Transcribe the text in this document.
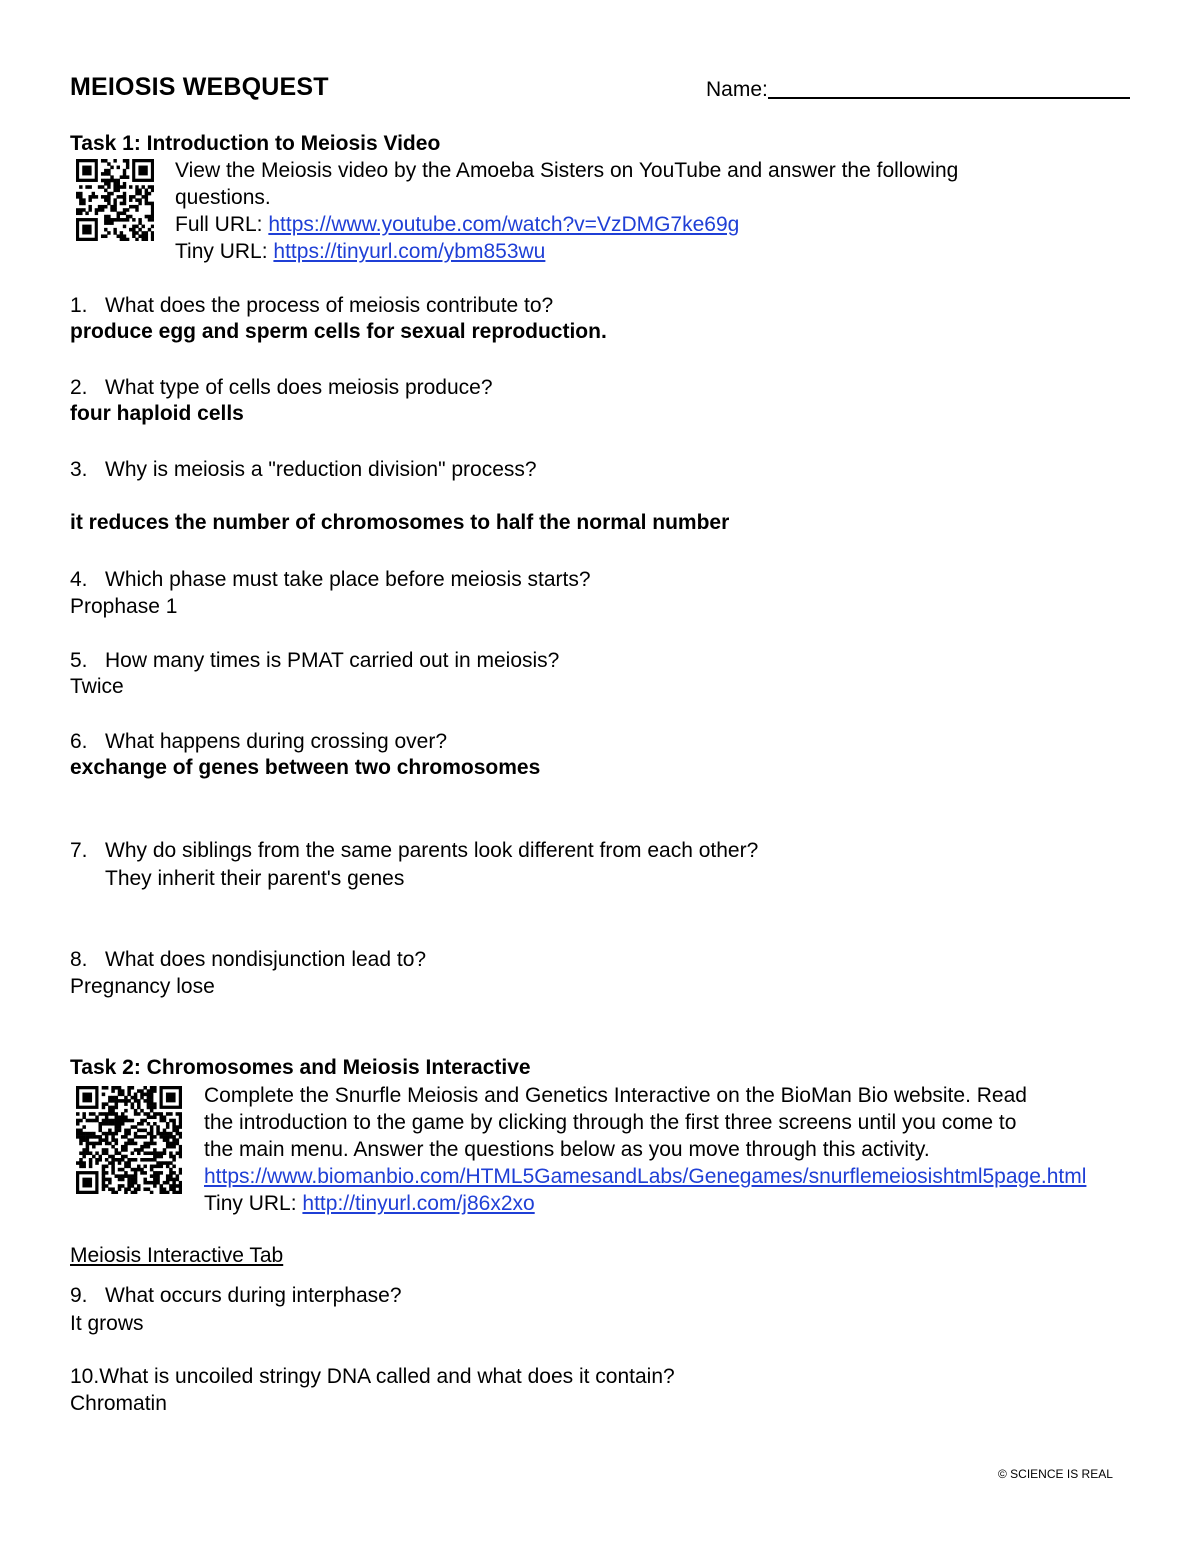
MEIOSIS WEBQUEST	Name:
Task 1: Introduction to Meiosis Video
View the Meiosis video by the Amoeba Sisters on YouTube and answer the following
questions.
Full URL: https://www.youtube.com/watch?v=VzDMG7ke69g
Tiny URL: https://tinyurl.com/ybm853wu
1. What does the process of meiosis contribute to?
produce egg and sperm cells for sexual reproduction.
2. What type of cells does meiosis produce?
four haploid cells
3. Why is meiosis a "reduction division" process?
it reduces the number of chromosomes to half the normal number
4. Which phase must take place before meiosis starts?
Prophase 1
5. How many times is PMAT carried out in meiosis?
Twice
6. What happens during crossing over?
exchange of genes between two chromosomes
7. Why do siblings from the same parents look different from each other?
They inherit their parent's genes
8. What does nondisjunction lead to?
Pregnancy lose
Task 2: Chromosomes and Meiosis Interactive
Complete the Snurfle Meiosis and Genetics Interactive on the BioMan Bio website. Read
the introduction to the game by clicking through the first three screens until you come to
the main menu. Answer the questions below as you move through this activity.
https://www.biomanbio.com/HTML5GamesandLabs/Genegames/snurflemeiosishtml5page.html
Tiny URL: http://tinyurl.com/j86x2xo
Meiosis Interactive Tab
9. What occurs during interphase?
It grows
10.What is uncoiled stringy DNA called and what does it contain?
Chromatin
© SCIENCE IS REAL
